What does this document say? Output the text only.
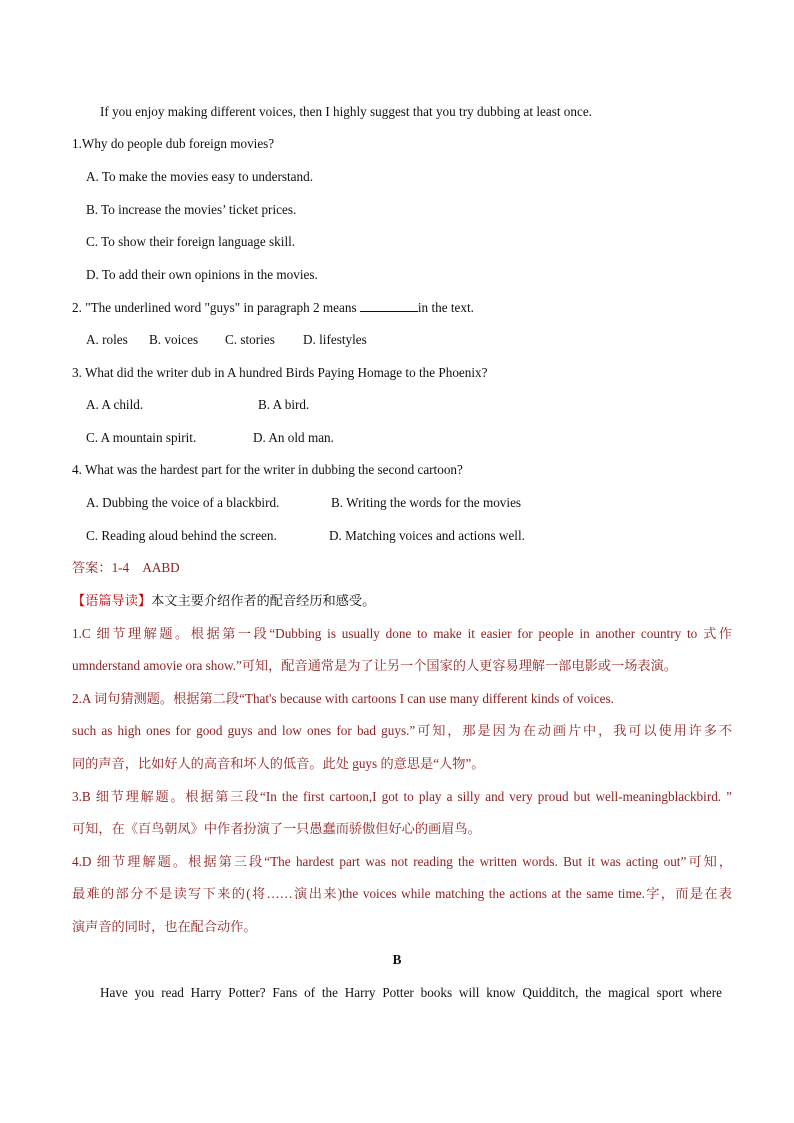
If you enjoy making different voices, then I highly suggest that you try dubbing at least once.
1.Why do people dub foreign movies?
A. To make the movies easy to understand.
B. To increase the movies’ ticket prices.
C. To show their foreign language skill.
D. To add their own opinions in the movies.
2. "The underlined word "guys" in paragraph 2 means	in the text.
A. roles B. voices C. stories D. lifestyles
3. What did the writer dub in A hundred Birds Paying Homage to the Phoenix?
A. A child.	B. A bird.
C. A mountain spirit.	D. An old man.
4. What was the hardest part for the writer in dubbing the second cartoon?
A. Dubbing the voice of a blackbird.	B. Writing the words for the movies
C. Reading aloud behind the screen.	D. Matching voices and actions well.
答案：1-4    AABD
【语篇导读】本文主要介绍作者的配音经历和感受。
1.C 细节理解题。根据第一段“Dubbing is usually done to make it easier for people in another country to 式作
umnderstand amovie ora show.”可知，配音通常是为了让另一个国家的人更容易理解一部电影或一场表演。
2.A 词句猜测题。根据第二段“That's because with cartoons I can use many different kinds of voices.
such as high ones for good guys and low ones for bad guys.”可知，那是因为在动画片中，我可以使用许多不
同的声音，比如好人的高音和坏人的低音。此处 guys 的意思是“人物”。
3.B 细节理解题。根据第三段“In the first cartoon,I got to play a silly and very proud but well-meaningblackbird. ”
可知，在《百鸟朝凤》中作者扮演了一只愚蠢而骄傲但好心的画眉鸟。
4.D 细节理解题。根据第三段“The hardest part was not reading the written words. But it was acting out”可知，
最难的部分不是读写下来的(将……演出来)the voices while matching the actions at the same time.字，而是在表
演声音的同时，也在配合动作。
B
Have you read Harry Potter? Fans of the Harry Potter books will know Quidditch, the magical sport where
